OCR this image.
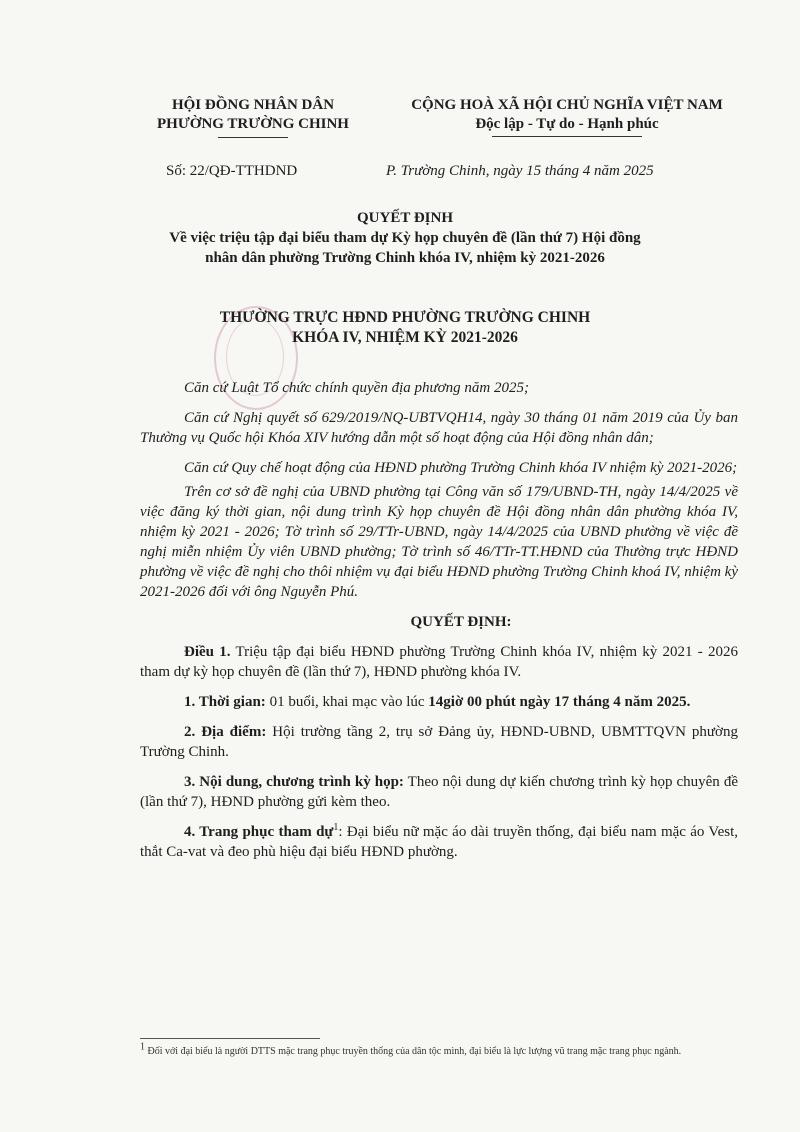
HỘI ĐỒNG NHÂN DÂN
PHƯỜNG TRƯỜNG CHINH
CỘNG HOÀ XÃ HỘI CHỦ NGHĨA VIỆT NAM
Độc lập - Tự do - Hạnh phúc
Số: 22/QĐ-TTHDND	P. Trường Chinh, ngày 15 tháng 4 năm 2025
QUYẾT ĐỊNH
Về việc triệu tập đại biểu tham dự Kỳ họp chuyên đề (lần thứ 7) Hội đồng
nhân dân phường Trường Chinh khóa IV, nhiệm kỳ 2021-2026
THƯỜNG TRỰC HĐND PHƯỜNG TRƯỜNG CHINH
KHÓA IV, NHIỆM KỲ 2021-2026

Căn cứ Luật Tổ chức chính quyền địa phương năm 2025;

Căn cứ Nghị quyết số 629/2019/NQ-UBTVQH14, ngày 30 tháng 01 năm 2019 của Ủy ban Thường vụ Quốc hội Khóa XIV hướng dẫn một số hoạt động của Hội đồng nhân dân;

Căn cứ Quy chế hoạt động của HĐND phường Trường Chinh khóa IV nhiệm kỳ 2021-2026;

Trên cơ sở đề nghị của UBND phường tại Công văn số 179/UBND-TH, ngày 14/4/2025 về việc đăng ký thời gian, nội dung trình Kỳ họp chuyên đề Hội đồng nhân dân phường khóa IV, nhiệm kỳ 2021 - 2026; Tờ trình số 29/TTr-UBND, ngày 14/4/2025 của UBND phường về việc đề nghị miễn nhiệm Ủy viên UBND phường; Tờ trình số 46/TTr-TT.HĐND của Thường trực HĐND phường về việc đề nghị cho thôi nhiệm vụ đại biểu HĐND phường Trường Chinh khoá IV, nhiệm kỳ 2021-2026 đối với ông Nguyễn Phú.

QUYẾT ĐỊNH:

Điều 1. Triệu tập đại biểu HĐND phường Trường Chinh khóa IV, nhiệm kỳ 2021 - 2026 tham dự kỳ họp chuyên đề (lần thứ 7), HĐND phường khóa IV.

1. Thời gian: 01 buổi, khai mạc vào lúc 14giờ 00 phút ngày 17 tháng 4 năm 2025.

2. Địa điểm: Hội trường tầng 2, trụ sở Đảng ủy, HĐND-UBND, UBMTTQVN phường Trường Chinh.

3. Nội dung, chương trình kỳ họp: Theo nội dung dự kiến chương trình kỳ họp chuyên đề (lần thứ 7), HĐND phường gửi kèm theo.

4. Trang phục tham dự$^1$: Đại biểu nữ mặc áo dài truyền thống, đại biểu nam mặc áo Vest, thắt Ca-vat và đeo phù hiệu đại biểu HĐND phường.

1 Đối với đại biểu là người DTTS mặc trang phục truyền thống của dân tộc mình, đại biểu là lực lượng vũ trang mặc trang phục ngành.
